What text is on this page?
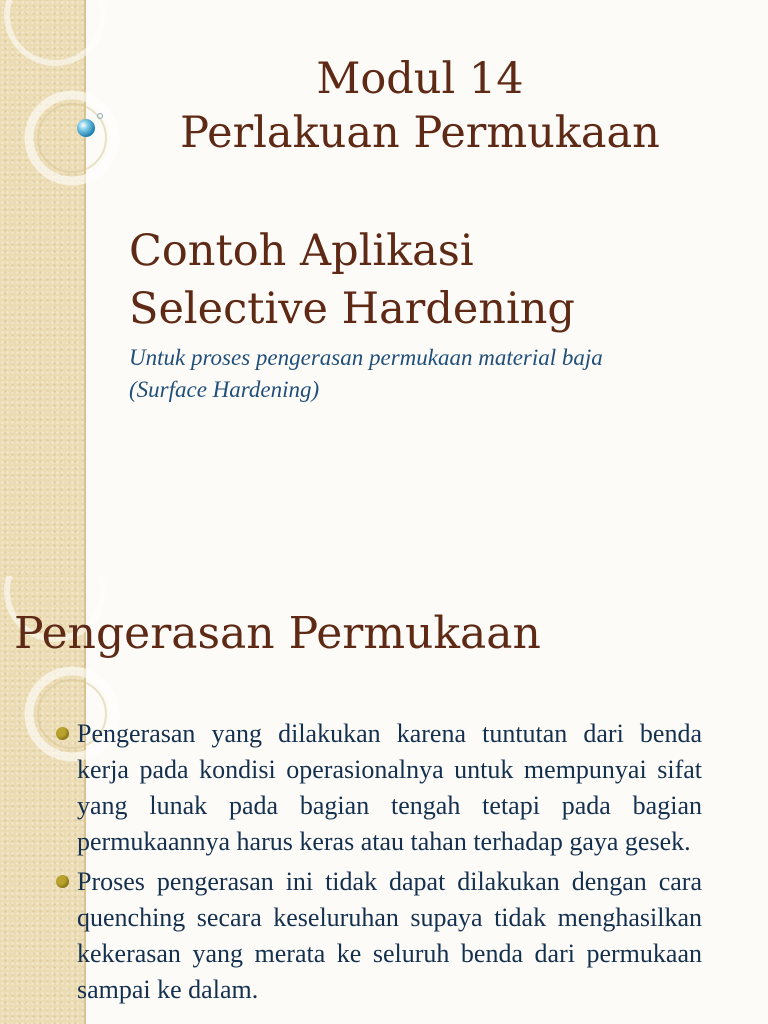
Modul 14
Perlakuan Permukaan
Contoh Aplikasi
Selective Hardening
Untuk proses pengerasan permukaan material baja
(Surface Hardening)
Pengerasan Permukaan
Pengerasan yang dilakukan karena tuntutan dari benda kerja pada kondisi operasionalnya untuk mempunyai sifat yang lunak pada bagian tengah tetapi pada bagian permukaannya harus keras atau tahan terhadap gaya gesek.
Proses pengerasan ini tidak dapat dilakukan dengan cara quenching secara keseluruhan supaya tidak menghasilkan kekerasan yang merata ke seluruh benda dari permukaan sampai ke dalam.
